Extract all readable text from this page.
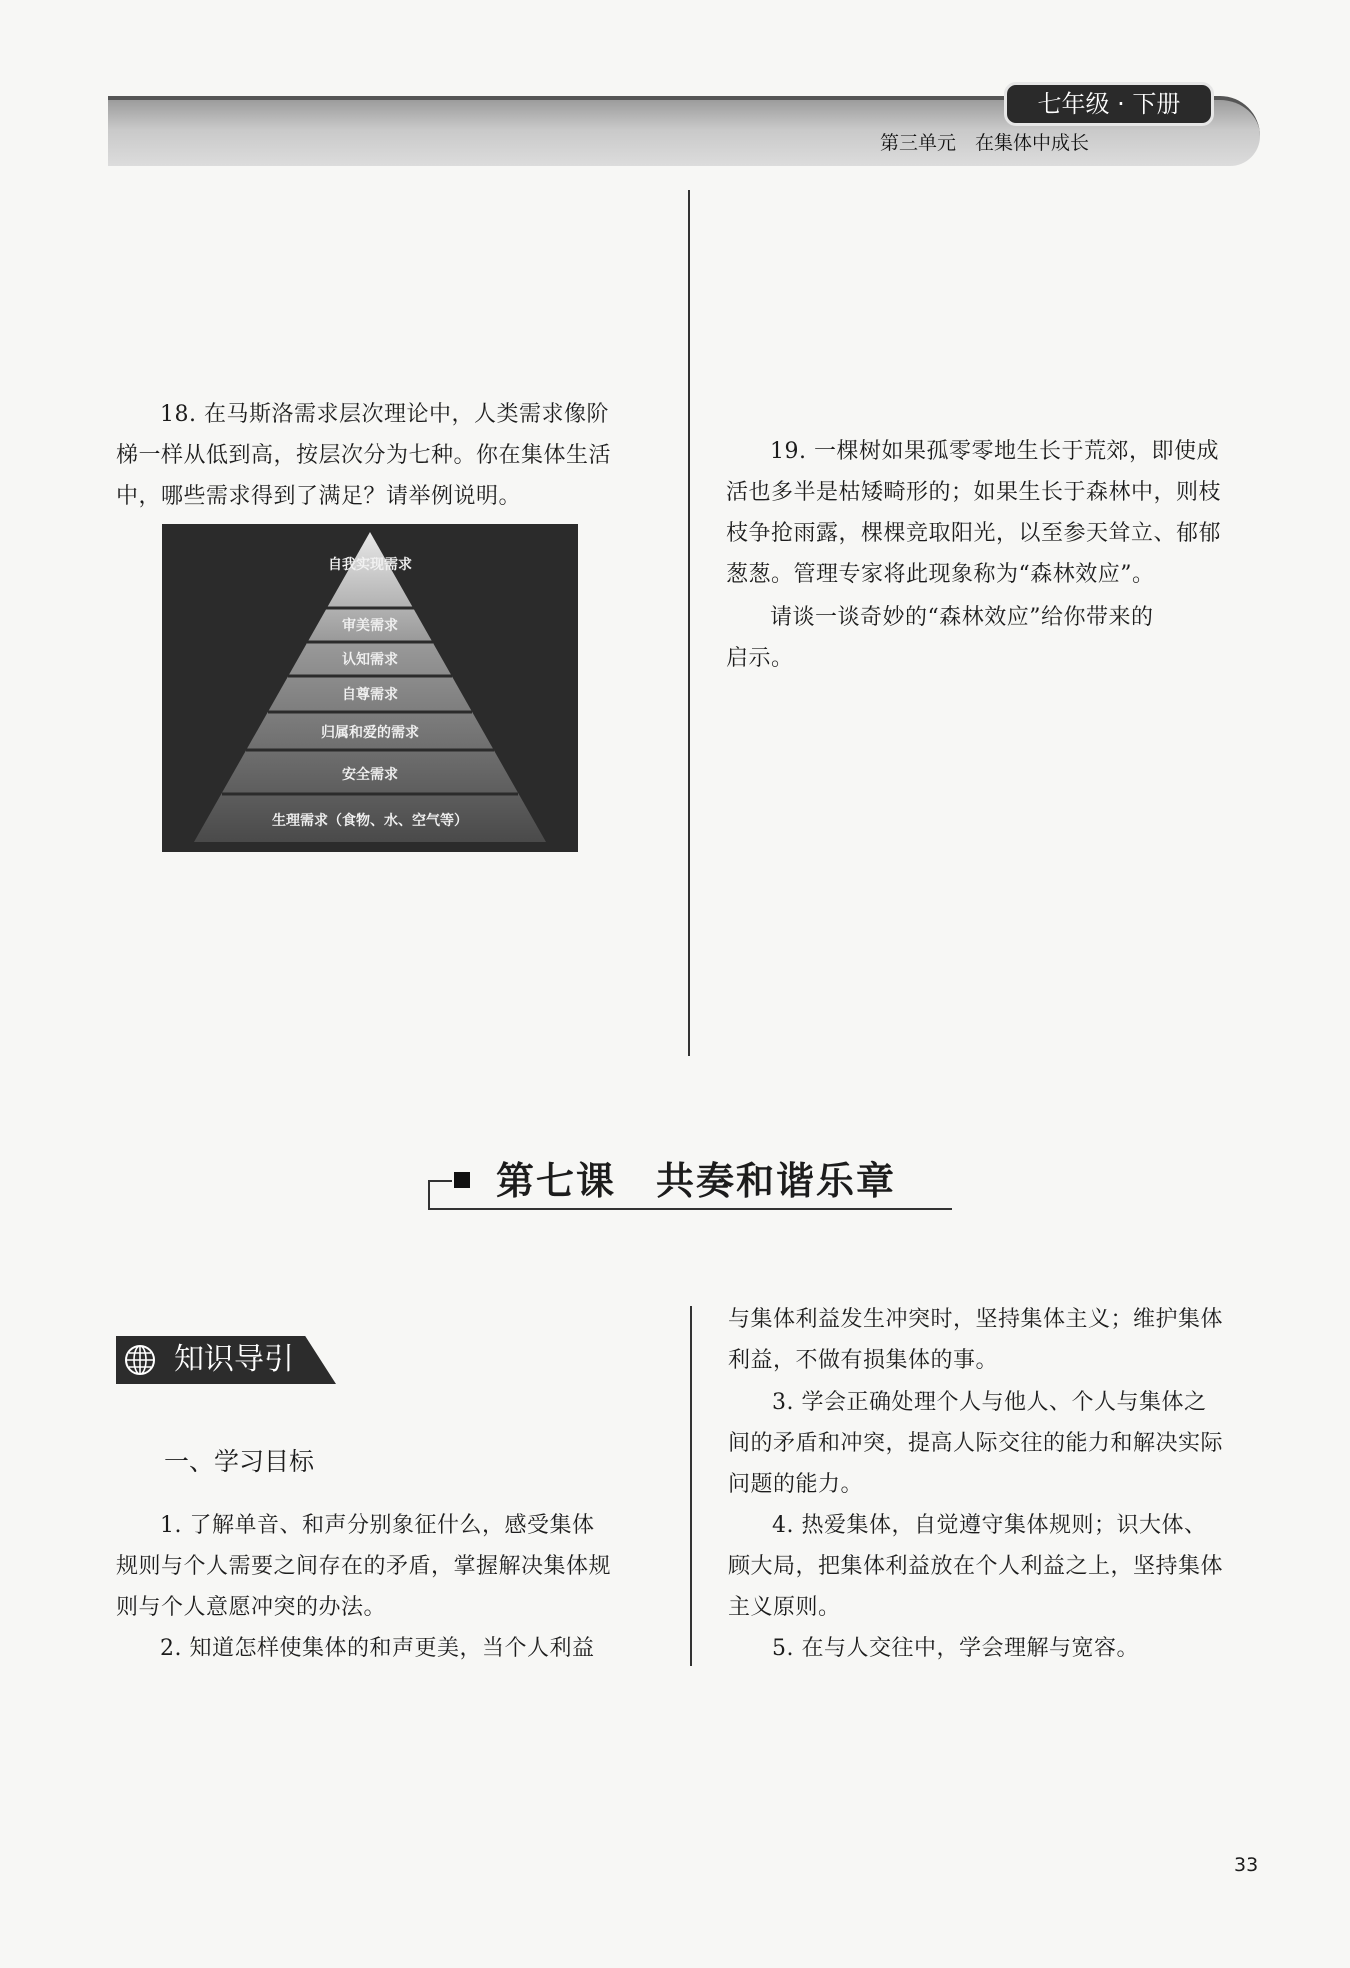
七年级 · 下册
第三单元　在集体中成长

18. 在马斯洛需求层次理论中，人类需求像阶

梯一样从低到高，按层次分为七种。你在集体生活

中，哪些需求得到了满足？请举例说明。

自我实现需求
审美需求
认知需求
自尊需求
归属和爱的需求
安全需求
生理需求（食物、水、空气等）

19. 一棵树如果孤零零地生长于荒郊，即使成

活也多半是枯矮畸形的；如果生长于森林中，则枝

枝争抢雨露，棵棵竞取阳光，以至参天耸立、郁郁

葱葱。管理专家将此现象称为“森林效应”。

请谈一谈奇妙的“森林效应”给你带来的

启示。

第七课　共奏和谐乐章
知识导引
一、学习目标

1. 了解单音、和声分别象征什么，感受集体

规则与个人需要之间存在的矛盾，掌握解决集体规

则与个人意愿冲突的办法。

2. 知道怎样使集体的和声更美，当个人利益

与集体利益发生冲突时，坚持集体主义；维护集体

利益，不做有损集体的事。

3. 学会正确处理个人与他人、个人与集体之

间的矛盾和冲突，提高人际交往的能力和解决实际

问题的能力。

4. 热爱集体，自觉遵守集体规则；识大体、

顾大局，把集体利益放在个人利益之上，坚持集体

主义原则。

5. 在与人交往中，学会理解与宽容。

33
